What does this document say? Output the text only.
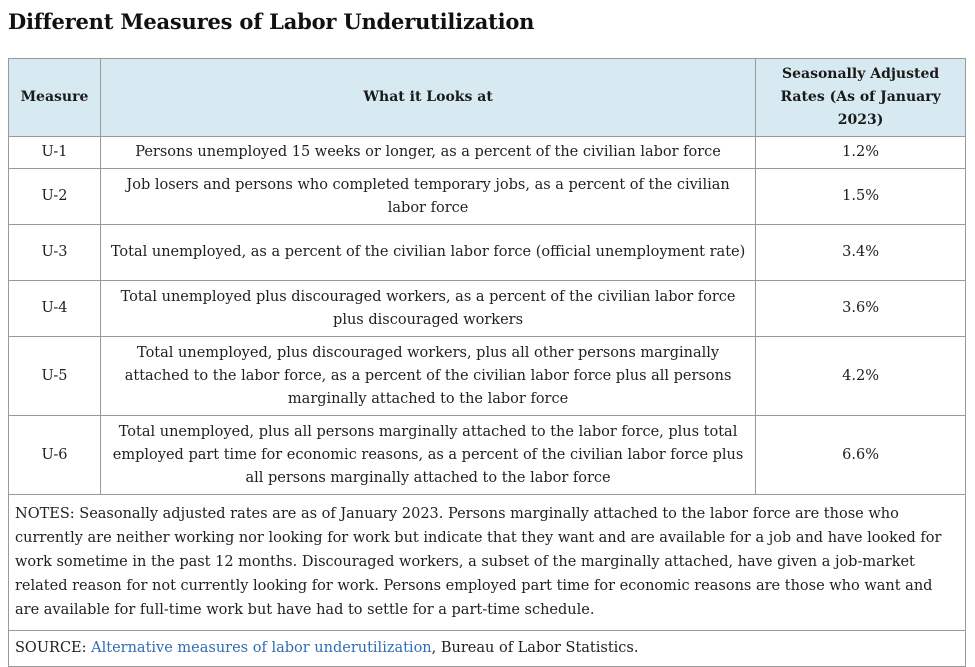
Different Measures of Labor Underutilization
Measure	What it Looks at	Seasonally Adjusted Rates (As of January 2023)
U-1	Persons unemployed 15 weeks or longer, as a percent of the civilian labor force	1.2%
U-2	Job losers and persons who completed temporary jobs, as a percent of the civilian labor force	1.5%
U-3	Total unemployed, as a percent of the civilian labor force (official unemployment rate)	3.4%
U-4	Total unemployed plus discouraged workers, as a percent of the civilian labor force plus discouraged workers	3.6%
U-5	Total unemployed, plus discouraged workers, plus all other persons marginally attached to the labor force, as a percent of the civilian labor force plus all persons marginally attached to the labor force	4.2%
U-6	Total unemployed, plus all persons marginally attached to the labor force, plus total employed part time for economic reasons, as a percent of the civilian labor force plus all persons marginally attached to the labor force	6.6%
NOTES: Seasonally adjusted rates are as of January 2023. Persons marginally attached to the labor force are those who currently are neither working nor looking for work but indicate that they want and are available for a job and have looked for work sometime in the past 12 months. Discouraged workers, a subset of the marginally attached, have given a job-market related reason for not currently looking for work. Persons employed part time for economic reasons are those who want and are available for full-time work but have had to settle for a part-time schedule.		
SOURCE: Alternative measures of labor underutilization, Bureau of Labor Statistics.		
